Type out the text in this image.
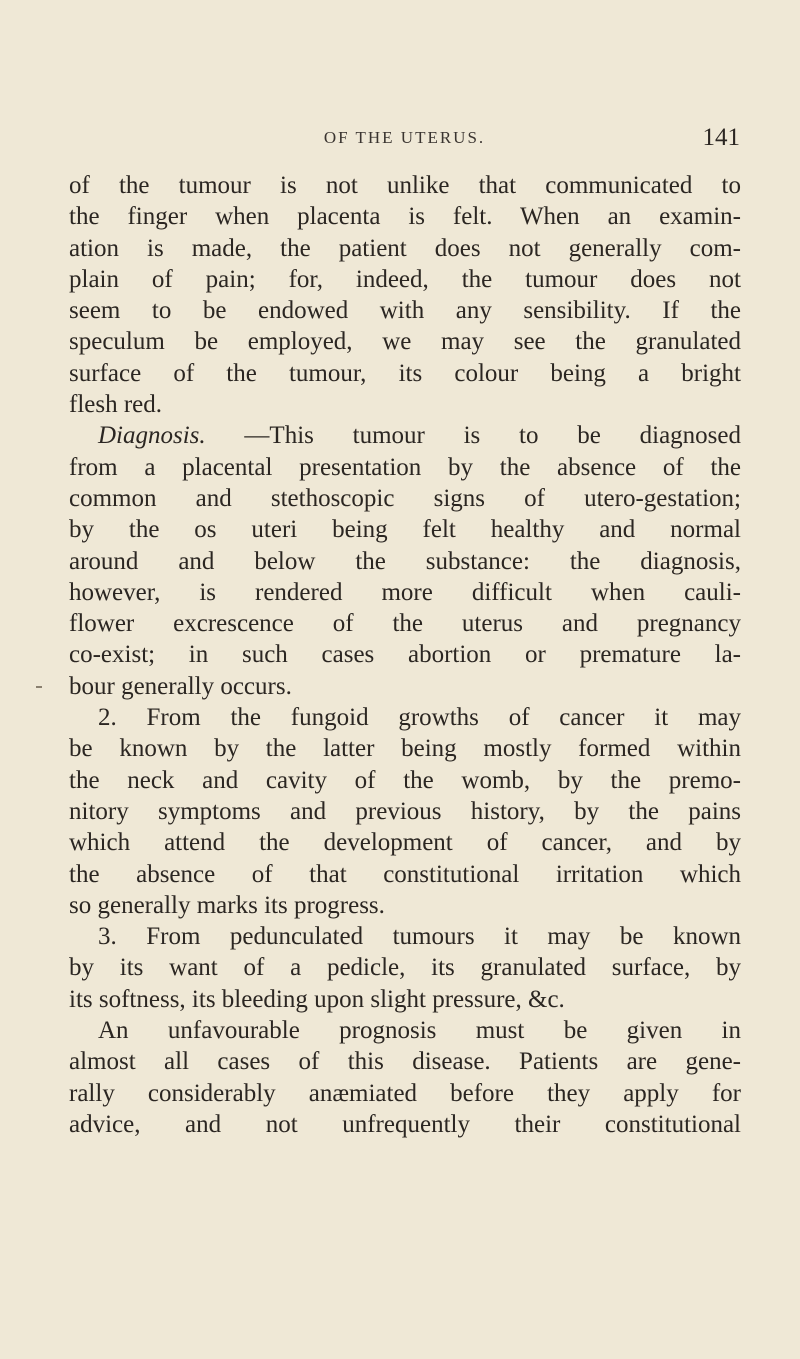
OF THE UTERUS.	141
of the tumour is not unlike that communicated to
the finger when placenta is felt. When an examin-
ation is made, the patient does not generally com-
plain of pain; for, indeed, the tumour does not
seem to be endowed with any sensibility. If the
speculum be employed, we may see the granulated
surface of the tumour, its colour being a bright
flesh red.
Diagnosis. —This tumour is to be diagnosed
from a placental presentation by the absence of the
common and stethoscopic signs of utero-gestation;
by the os uteri being felt healthy and normal
around and below the substance: the diagnosis,
however, is rendered more difficult when cauli-
flower excrescence of the uterus and pregnancy
co-exist; in such cases abortion or premature la-
bour generally occurs.
2. From the fungoid growths of cancer it may
be known by the latter being mostly formed within
the neck and cavity of the womb, by the premo-
nitory symptoms and previous history, by the pains
which attend the development of cancer, and by
the absence of that constitutional irritation which
so generally marks its progress.
3. From pedunculated tumours it may be known
by its want of a pedicle, its granulated surface, by
its softness, its bleeding upon slight pressure, &c.
An unfavourable prognosis must be given in
almost all cases of this disease. Patients are gene-
rally considerably anæmiated before they apply for
advice, and not unfrequently their constitutional
